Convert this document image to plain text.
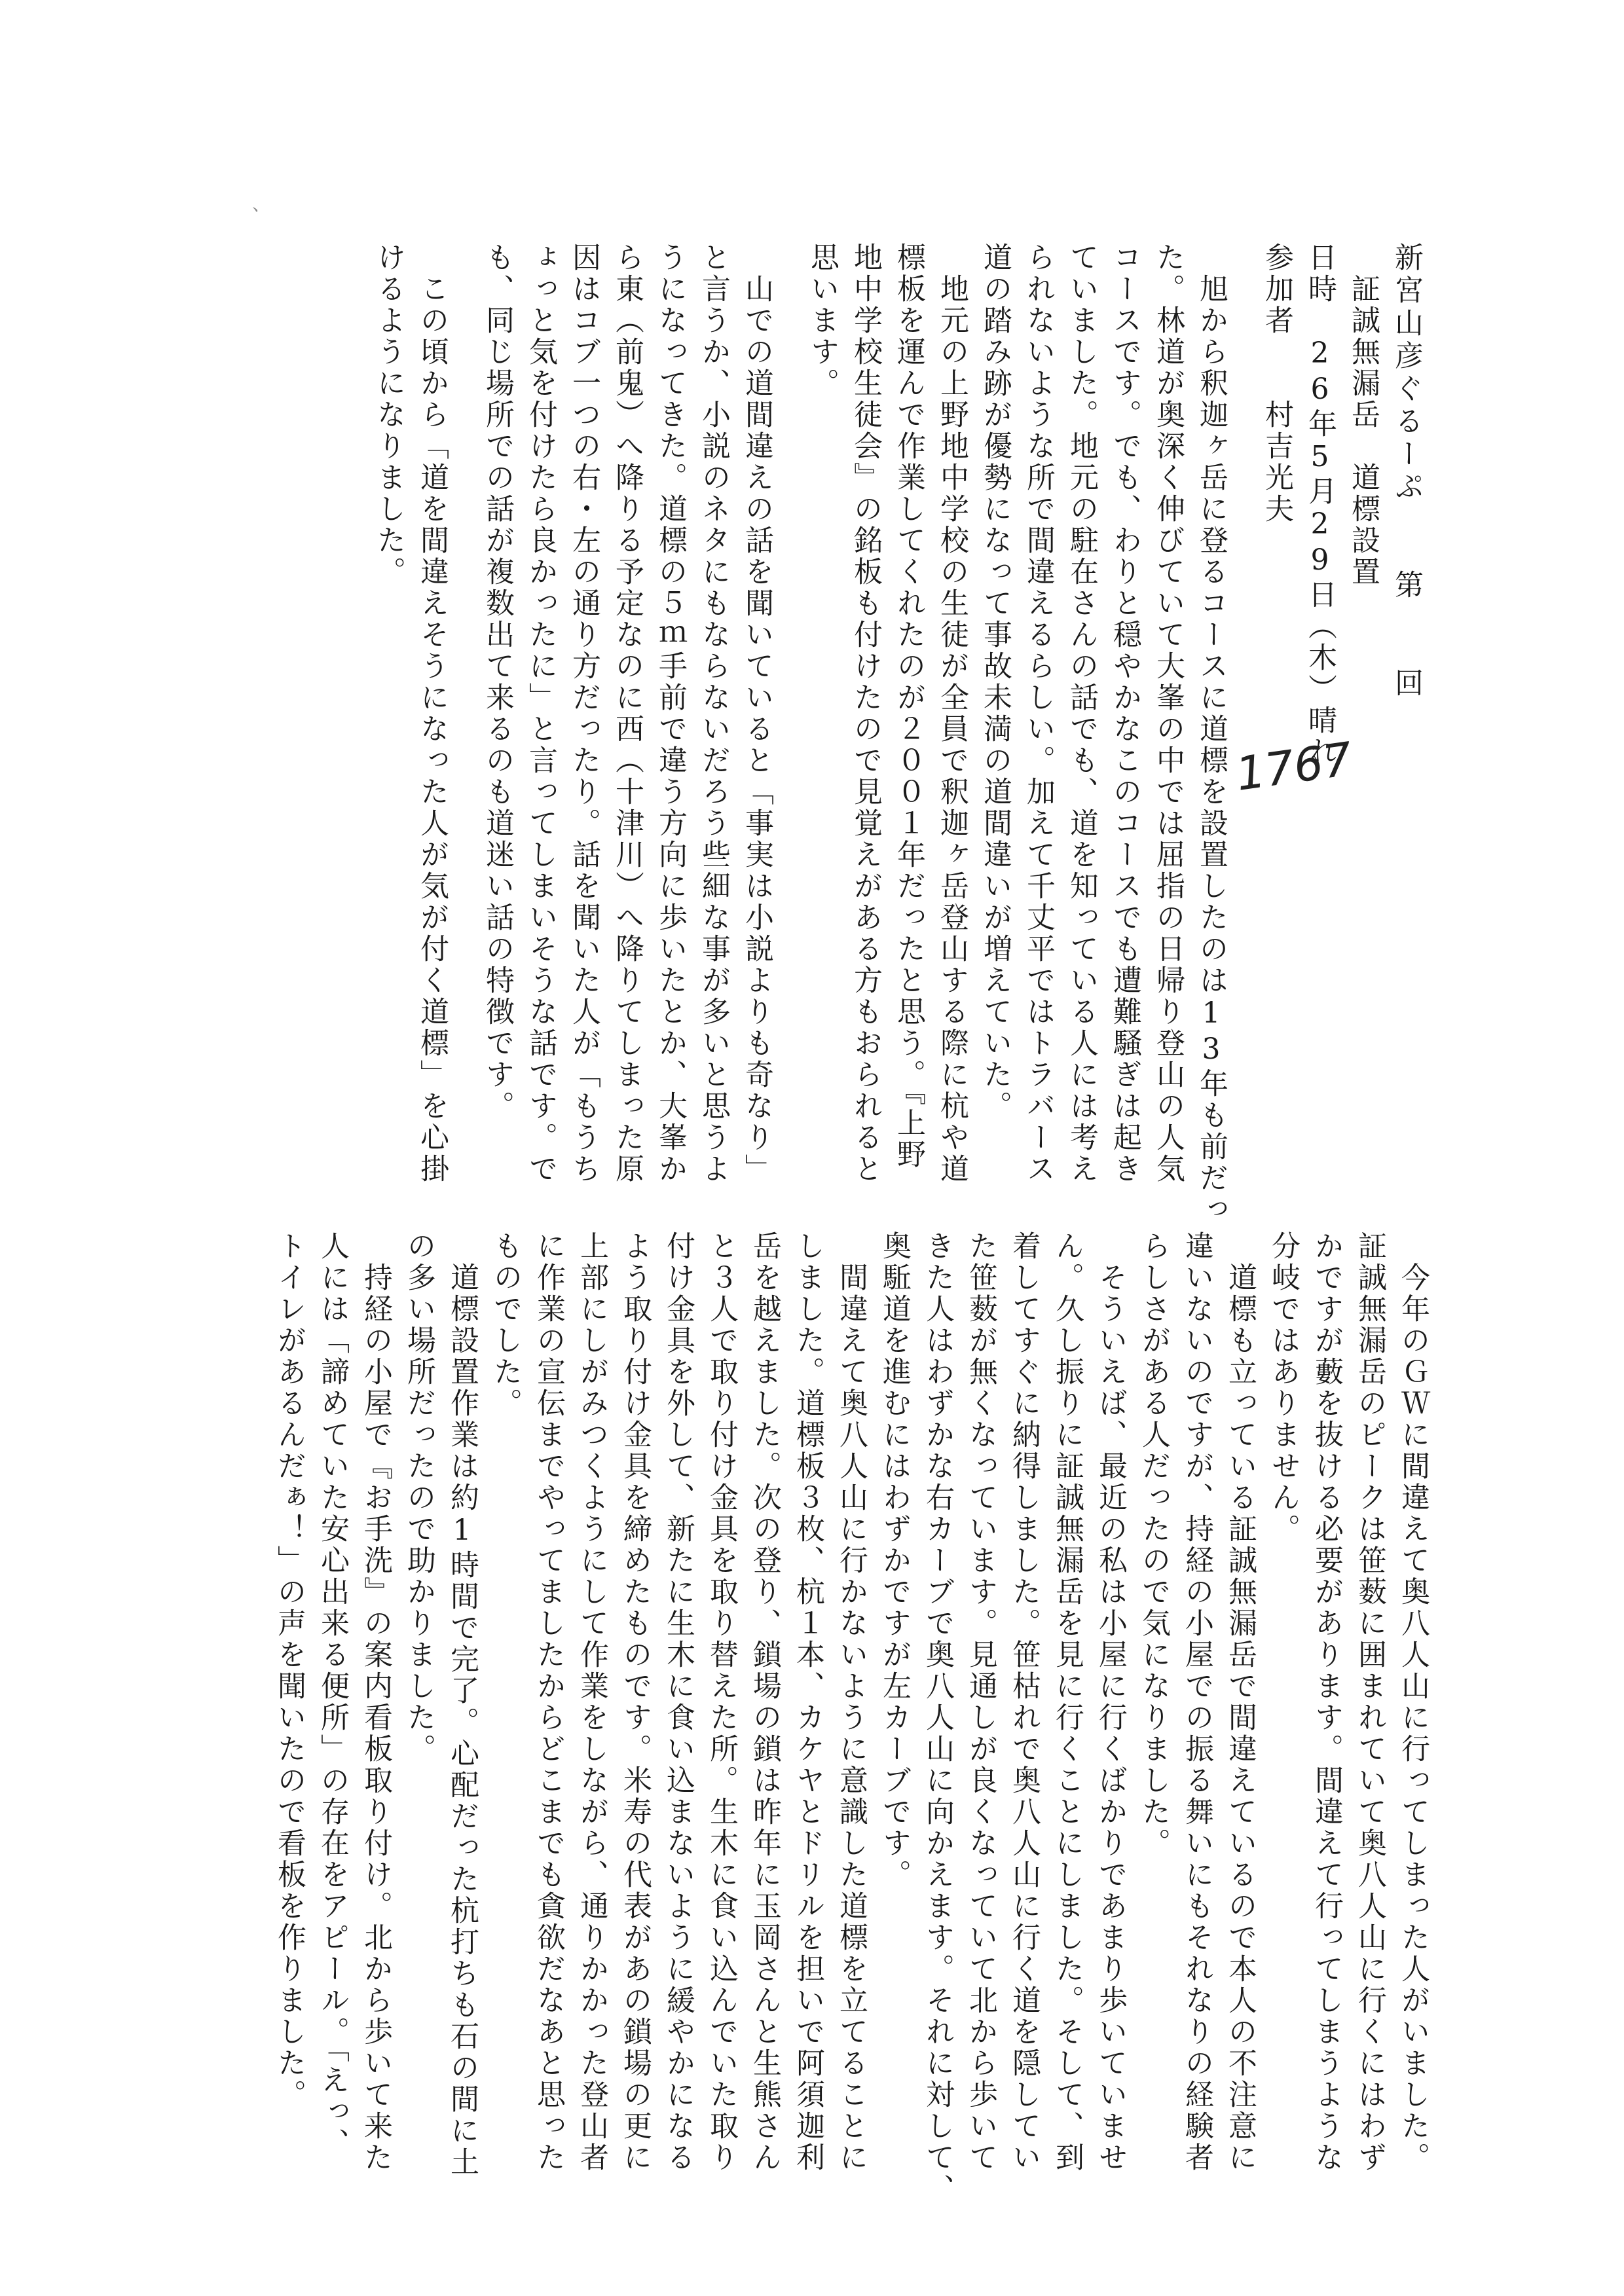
新宮山彦ぐるーぷ　　第　　回
　証誠無漏岳　道標設置
日時　26年5月29日（木）晴れ
参加者　　村吉光夫
　旭から釈迦ヶ岳に登るコースに道標を設置したのは13年も前だっ
た。林道が奥深く伸びていて大峯の中では屈指の日帰り登山の人気
コースです。でも、わりと穏やかなこのコースでも遭難騒ぎは起き
ていました。地元の駐在さんの話でも、道を知っている人には考え
られないような所で間違えるらしい。加えて千丈平ではトラバース
道の踏み跡が優勢になって事故未満の道間違いが増えていた。
　地元の上野地中学校の生徒が全員で釈迦ヶ岳登山する際に杭や道
標板を運んで作業してくれたのが２００１年だったと思う。『上野
地中学校生徒会』の銘板も付けたので見覚えがある方もおられると
思います。
　山での道間違えの話を聞いていると「事実は小説よりも奇なり」
と言うか、小説のネタにもならないだろう些細な事が多いと思うよ
うになってきた。道標の５ｍ手前で違う方向に歩いたとか、大峯か
ら東（前鬼）へ降りる予定なのに西（十津川）へ降りてしまった原
因はコブ一つの右・左の通り方だったり。話を聞いた人が「もうち
ょっと気を付けたら良かったに」と言ってしまいそうな話です。で
も、同じ場所での話が複数出て来るのも道迷い話の特徴です。
　この頃から「道を間違えそうになった人が気が付く道標」を心掛
けるようになりました。
　今年のＧＷに間違えて奥八人山に行ってしまった人がいました。
証誠無漏岳のピークは笹薮に囲まれていて奥八人山に行くにはわず
かですが藪を抜ける必要があります。間違えて行ってしまうような
分岐ではありません。
　道標も立っている証誠無漏岳で間違えているので本人の不注意に
違いないのですが、持経の小屋での振る舞いにもそれなりの経験者
らしさがある人だったので気になりました。
　そういえば、最近の私は小屋に行くばかりであまり歩いていませ
ん。久し振りに証誠無漏岳を見に行くことにしました。そして、到
着してすぐに納得しました。笹枯れで奥八人山に行く道を隠してい
た笹薮が無くなっています。見通しが良くなっていて北から歩いて
きた人はわずかな右カーブで奥八人山に向かえます。それに対して、
奥駈道を進むにはわずかですが左カーブです。
　間違えて奥八人山に行かないように意識した道標を立てることに
しました。道標板３枚、杭１本、カケヤとドリルを担いで阿須迦利
岳を越えました。次の登り、鎖場の鎖は昨年に玉岡さんと生熊さん
と３人で取り付け金具を取り替えた所。生木に食い込んでいた取り
付け金具を外して、新たに生木に食い込まないように緩やかになる
よう取り付け金具を締めたものです。米寿の代表があの鎖場の更に
上部にしがみつくようにして作業をしながら、通りかかった登山者
に作業の宣伝までやってましたからどこまでも貪欲だなあと思った
ものでした。
　道標設置作業は約1時間で完了。心配だった杭打ちも石の間に土
の多い場所だったので助かりました。
　持経の小屋で『お手洗』の案内看板取り付け。北から歩いて来た
人には「諦めていた安心出来る便所」の存在をアピール。「えっ、
トイレがあるんだぁ！」の声を聞いたので看板を作りました。
1767
、
